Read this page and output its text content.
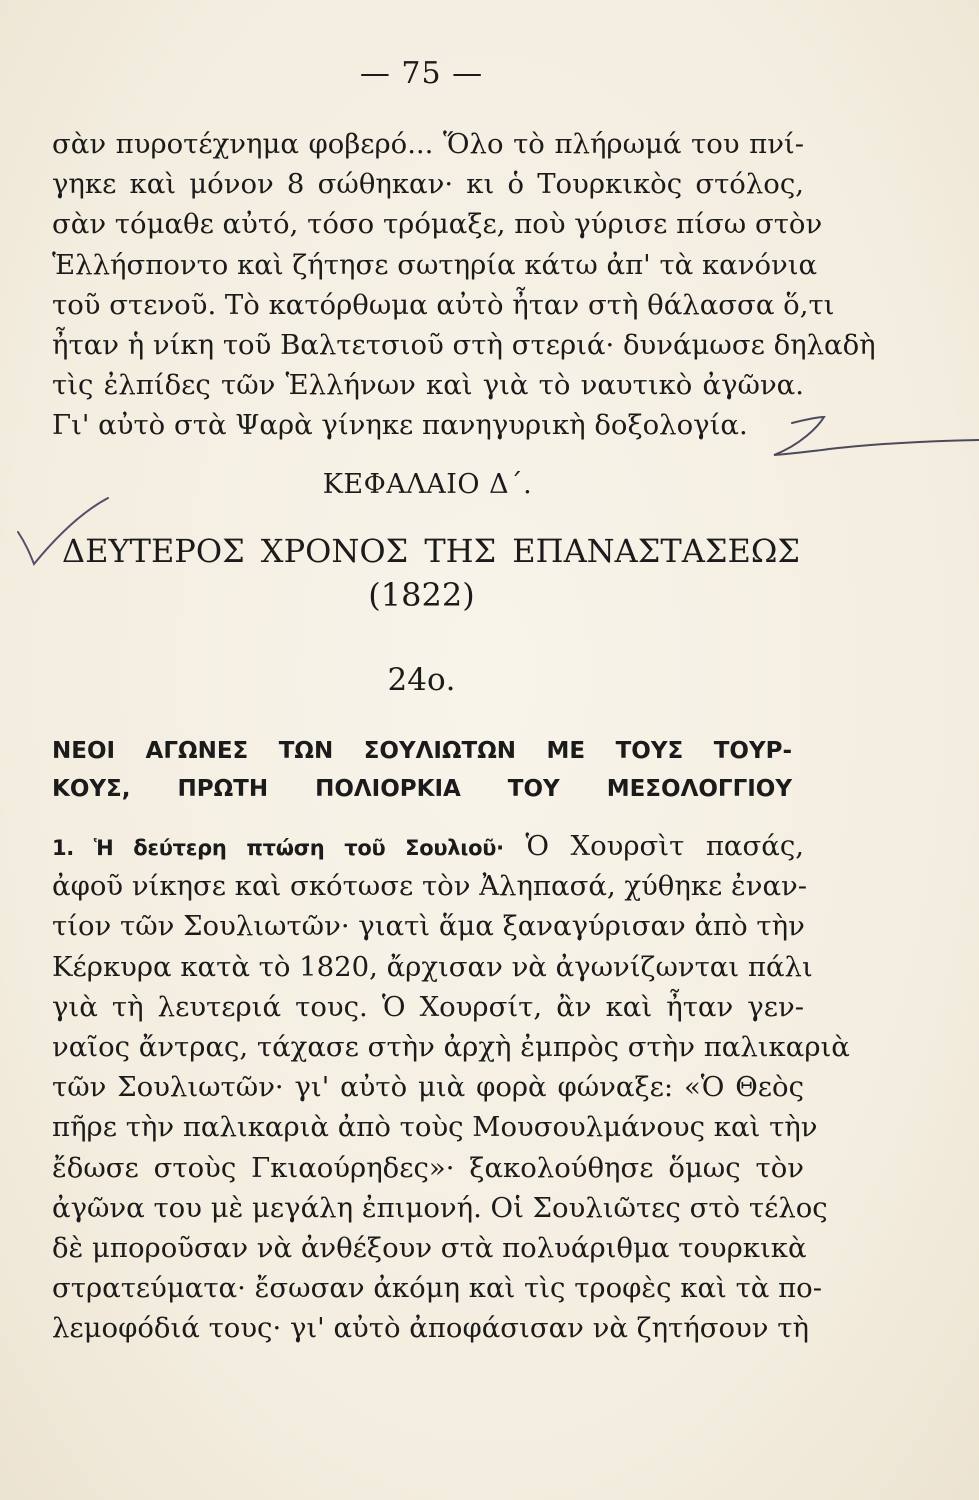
— 75 —
σὰν πυροτέχνημα φοβερό... Ὅλο τὸ πλήρωμά του πνί-
γηκε καὶ μόνον 8 σώθηκαν· κι ὁ Τουρκικὸς στόλος,
σὰν τόμαθε αὐτό, τόσο τρόμαξε, ποὺ γύρισε πίσω στὸν
Ἑλλήσποντο καὶ ζήτησε σωτηρία κάτω ἀπ' τὰ κανόνια
τοῦ στενοῦ. Τὸ κατόρθωμα αὐτὸ ἦταν στὴ θάλασσα ὅ,τι
ἦταν ἡ νίκη τοῦ Βαλτετσιοῦ στὴ στεριά· δυνάμωσε δηλαδὴ
τὶς ἐλπίδες τῶν Ἑλλήνων καὶ γιὰ τὸ ναυτικὸ ἀγῶνα.
Γι' αὐτὸ στὰ Ψαρὰ γίνηκε πανηγυρικὴ δοξολογία.
ΚΕΦΑΛΑΙΟ Δ΄.
ΔΕΥΤΕΡΟΣ ΧΡΟΝΟΣ ΤΗΣ ΕΠΑΝΑΣΤΑΣΕΩΣ
(1822)
24ο.
ΝΕΟΙ ΑΓΩΝΕΣ ΤΩΝ ΣΟΥΛΙΩΤΩΝ ΜΕ ΤΟΥΣ ΤΟΥΡ-
ΚΟΥΣ, ΠΡΩΤΗ ΠΟΛΙΟΡΚΙΑ ΤΟΥ ΜΕΣΟΛΟΓΓΙΟΥ
1. Ἡ δεύτερη πτώση τοῦ Σουλιοῦ· Ὁ Χουρσὶτ πασάς,
ἀφοῦ νίκησε καὶ σκότωσε τὸν Ἀληπασά, χύθηκε ἐναν-
τίον τῶν Σουλιωτῶν· γιατὶ ἅμα ξαναγύρισαν ἀπὸ τὴν
Κέρκυρα κατὰ τὸ 1820, ἄρχισαν νὰ ἀγωνίζωνται πάλι
γιὰ τὴ λευτεριά τους. Ὁ Χουρσίτ, ἂν καὶ ἦταν γεν-
ναῖος ἄντρας, τάχασε στὴν ἀρχὴ ἐμπρὸς στὴν παλικαριὰ
τῶν Σουλιωτῶν· γι' αὐτὸ μιὰ φορὰ φώναξε: «Ὁ Θεὸς
πῆρε τὴν παλικαριὰ ἀπὸ τοὺς Μουσουλμάνους καὶ τὴν
ἔδωσε στοὺς Γκιαούρηδες»· ξακολούθησε ὅμως τὸν
ἀγῶνα του μὲ μεγάλη ἐπιμονή. Οἱ Σουλιῶτες στὸ τέλος
δὲ μποροῦσαν νὰ ἀνθέξουν στὰ πολυάριθμα τουρκικὰ
στρατεύματα· ἔσωσαν ἀκόμη καὶ τὶς τροφὲς καὶ τὰ πο-
λεμοφόδιά τους· γι' αὐτὸ ἀποφάσισαν νὰ ζητήσουν τὴ
